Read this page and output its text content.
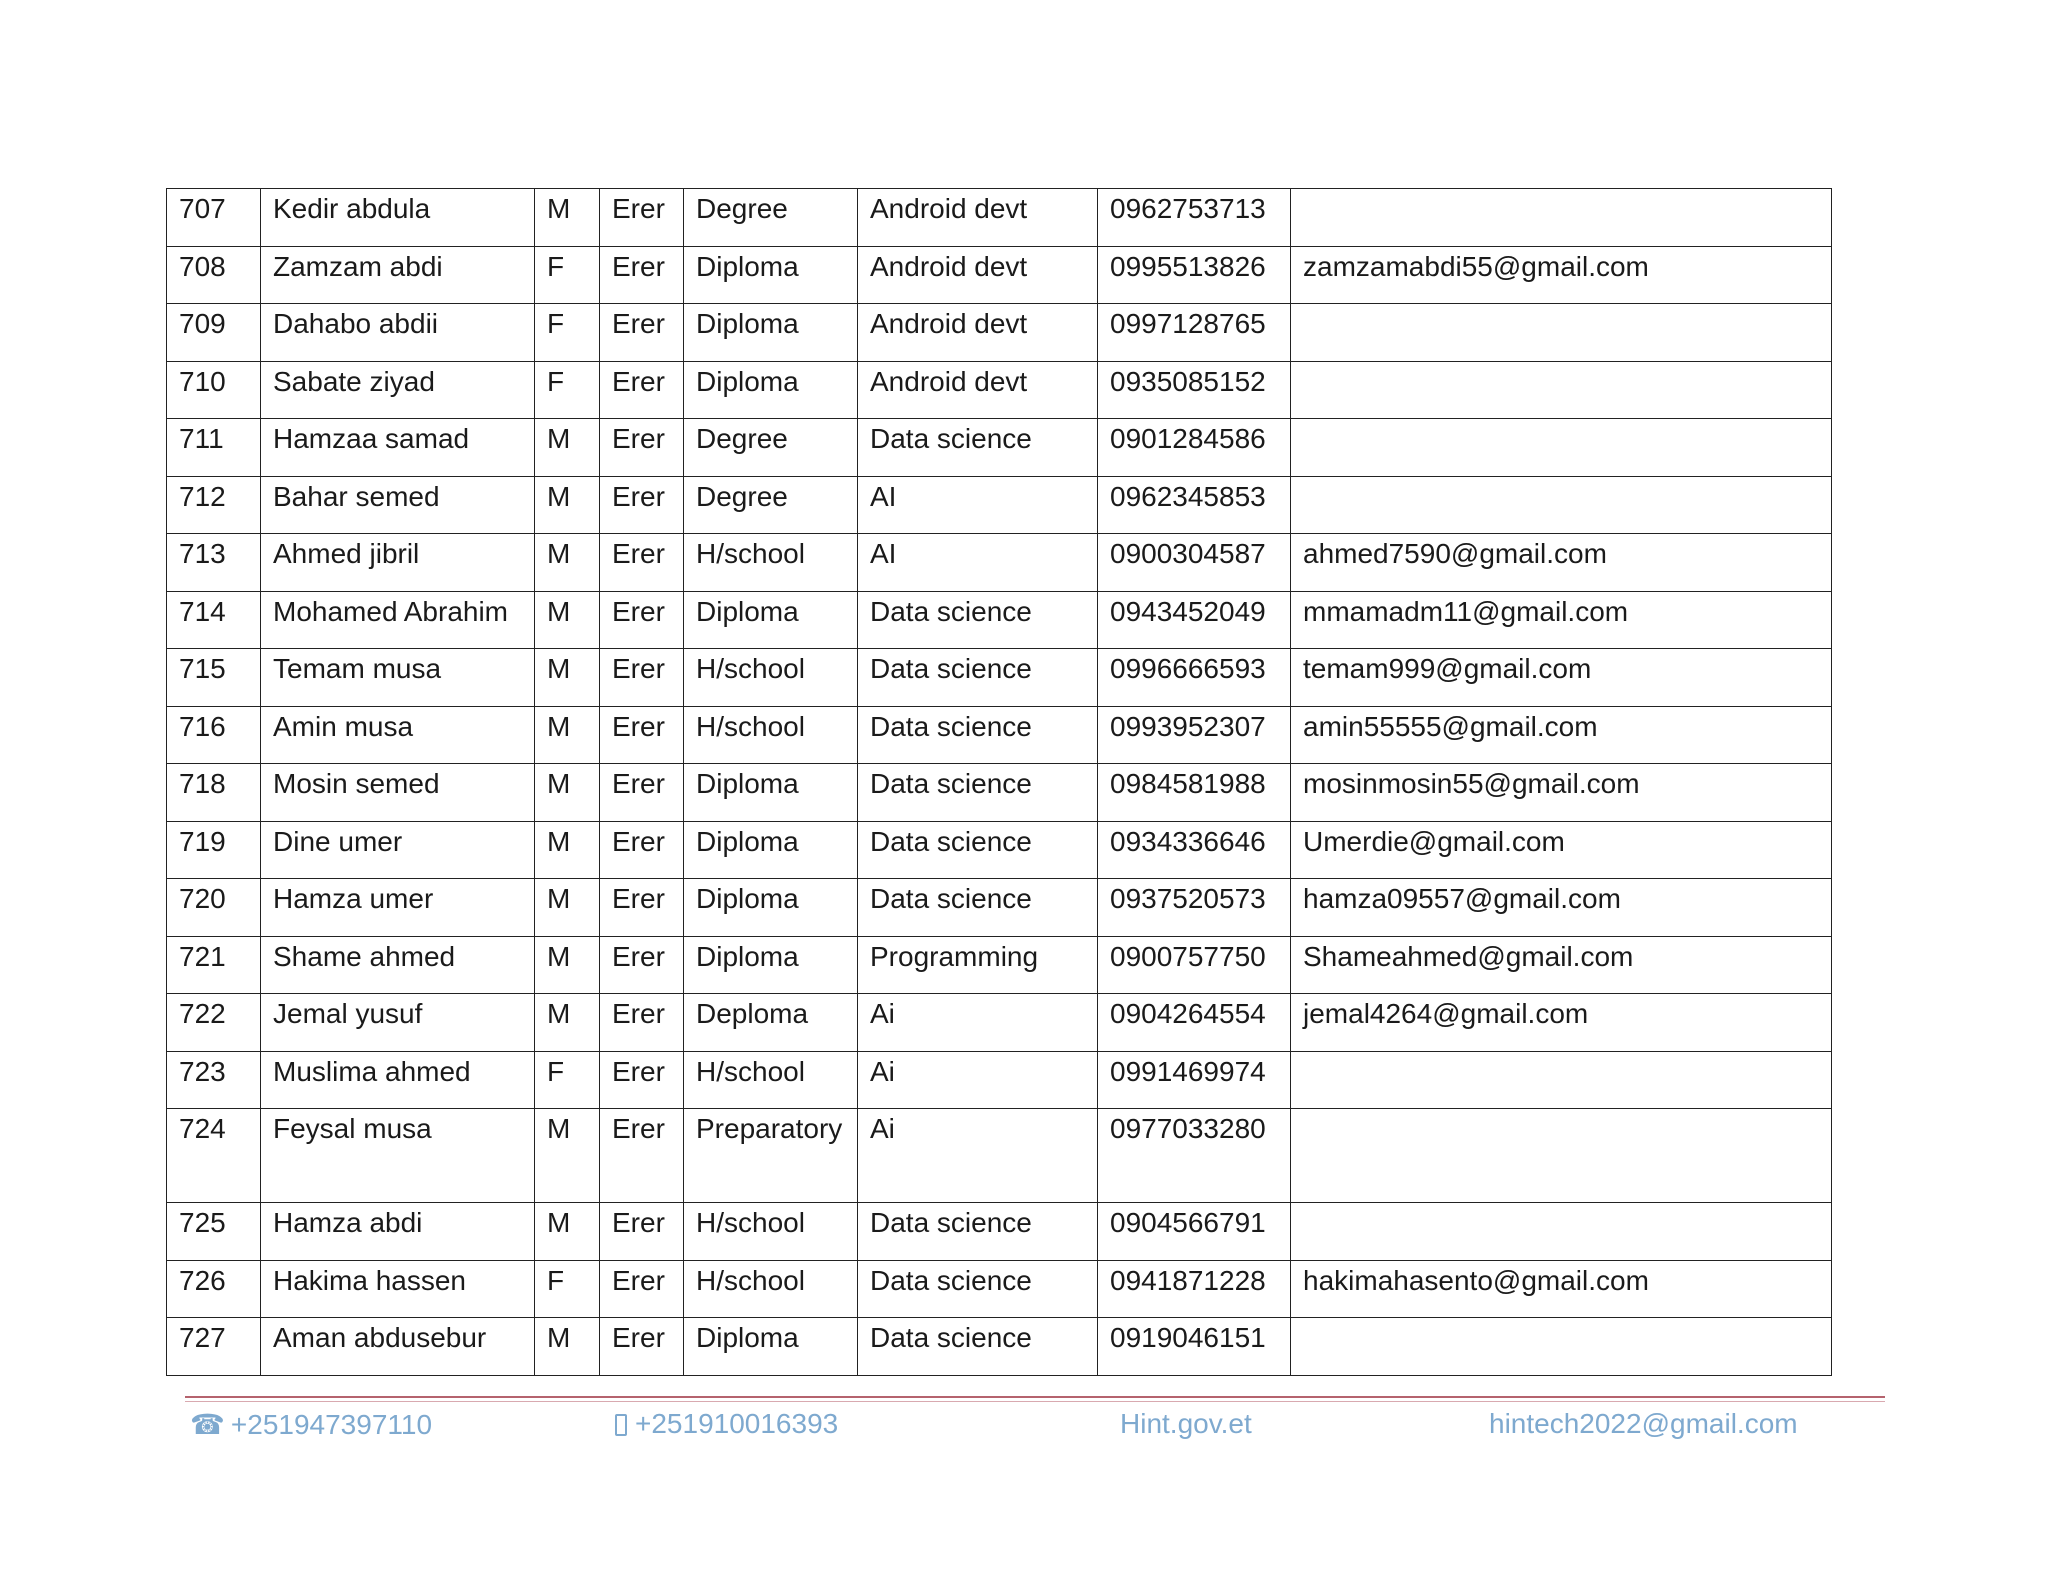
707	Kedir abdula	M	Erer	Degree	Android devt	0962753713	
708	Zamzam abdi	F	Erer	Diploma	Android devt	0995513826	zamzamabdi55@gmail.com
709	Dahabo abdii	F	Erer	Diploma	Android devt	0997128765	
710	Sabate ziyad	F	Erer	Diploma	Android devt	0935085152	
711	Hamzaa samad	M	Erer	Degree	Data science	0901284586	
712	Bahar semed	M	Erer	Degree	AI	0962345853	
713	Ahmed jibril	M	Erer	H/school	AI	0900304587	ahmed7590@gmail.com
714	Mohamed Abrahim	M	Erer	Diploma	Data science	0943452049	mmamadm11@gmail.com
715	Temam musa	M	Erer	H/school	Data science	0996666593	temam999@gmail.com
716	Amin musa	M	Erer	H/school	Data science	0993952307	amin55555@gmail.com
718	Mosin semed	M	Erer	Diploma	Data science	0984581988	mosinmosin55@gmail.com
719	Dine umer	M	Erer	Diploma	Data science	0934336646	Umerdie@gmail.com
720	Hamza umer	M	Erer	Diploma	Data science	0937520573	hamza09557@gmail.com
721	Shame ahmed	M	Erer	Diploma	Programming	0900757750	Shameahmed@gmail.com
722	Jemal yusuf	M	Erer	Deploma	Ai	0904264554	jemal4264@gmail.com
723	Muslima ahmed	F	Erer	H/school	Ai	0991469974	
724	Feysal musa	M	Erer	Preparatory	Ai	0977033280	
725	Hamza abdi	M	Erer	H/school	Data science	0904566791	
726	Hakima hassen	F	Erer	H/school	Data science	0941871228	hakimahasento@gmail.com
727	Aman abdusebur	M	Erer	Diploma	Data science	0919046151	
☎ +251947397110	+251910016393	Hint.gov.et	hintech2022@gmail.com
